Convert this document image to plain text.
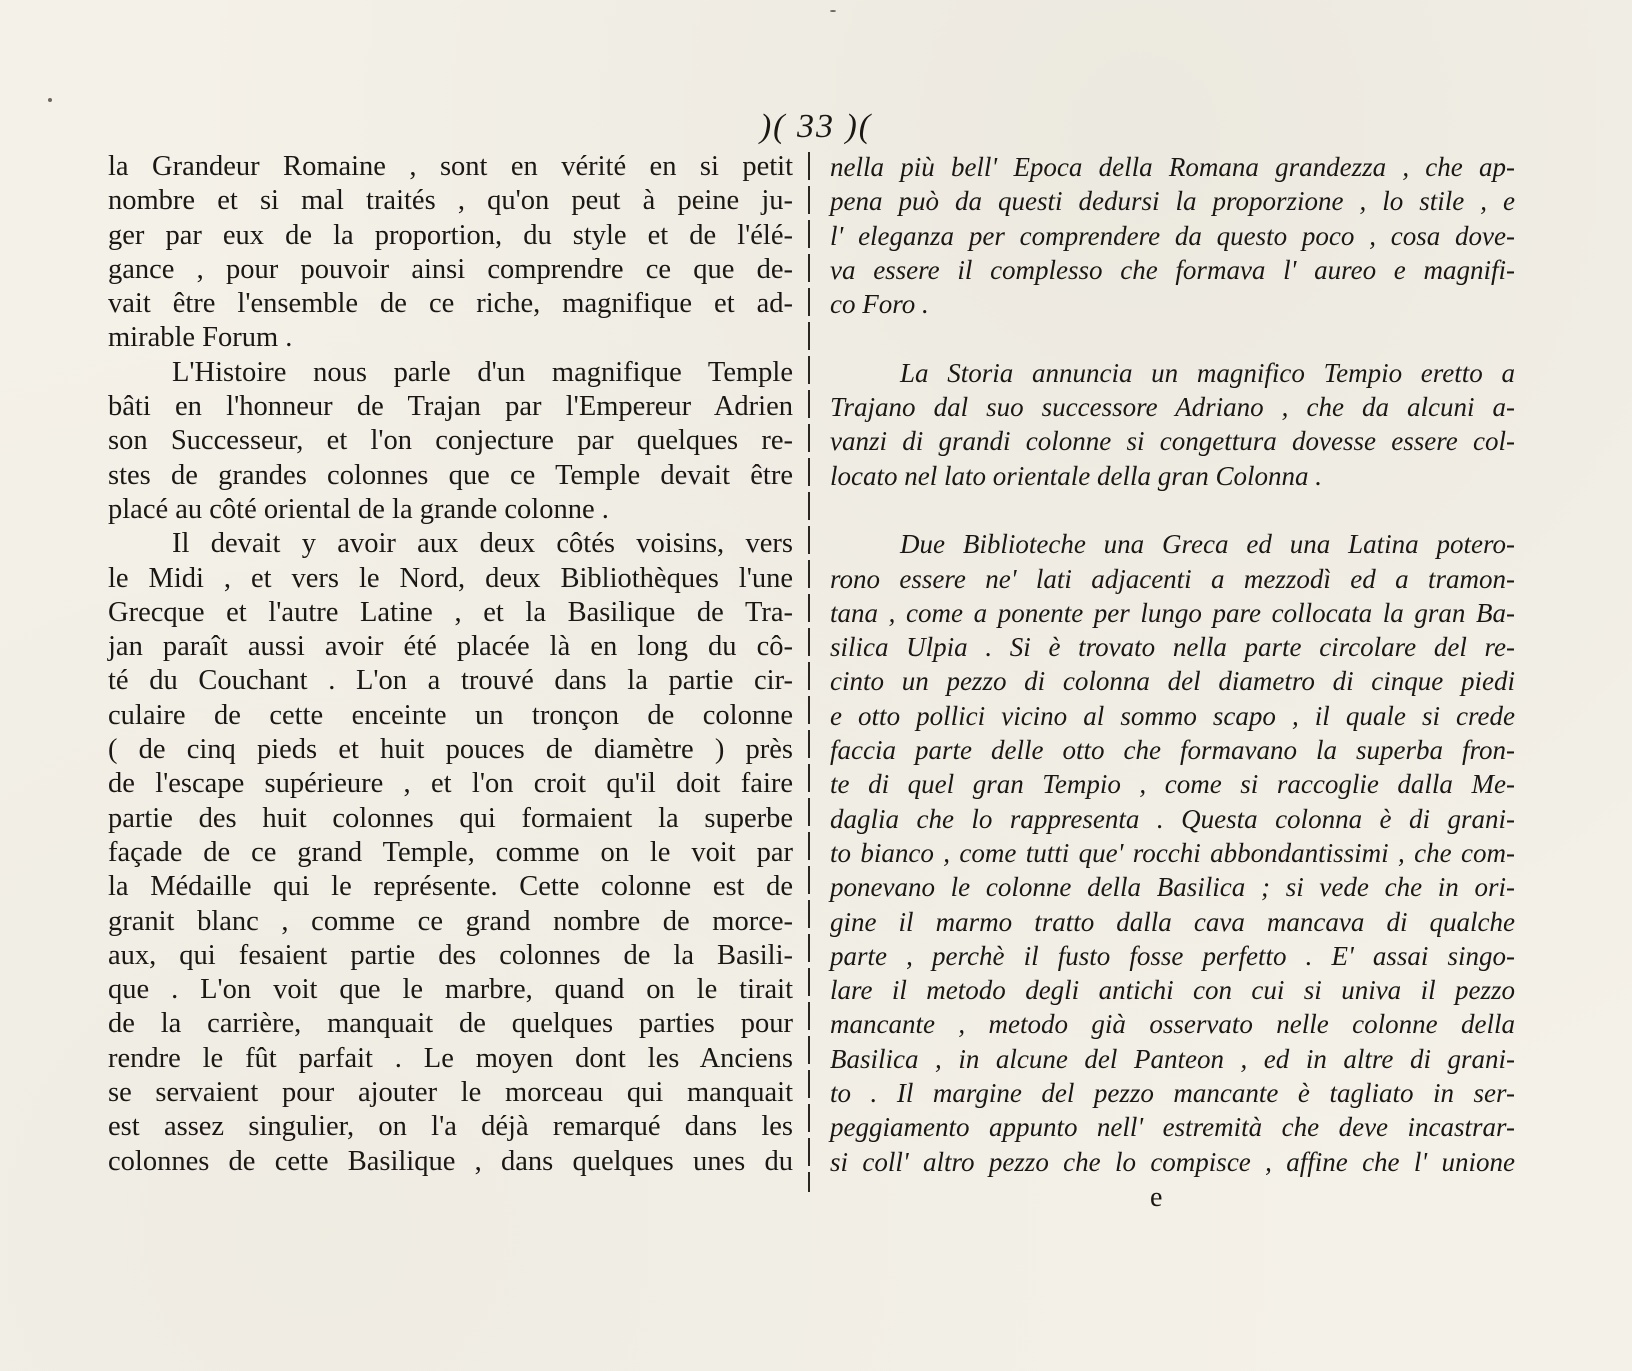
)( 33 )(
la Grandeur Romaine , sont en vérité en si petit
nombre et si mal traités , qu'on peut à peine ju-
ger par eux de la proportion, du style et de l'élé-
gance , pour pouvoir ainsi comprendre ce que de-
vait être l'ensemble de ce riche, magnifique et ad-
mirable Forum .
L'Histoire nous parle d'un magnifique Temple
bâti en l'honneur de Trajan par l'Empereur Adrien
son Successeur, et l'on conjecture par quelques re-
stes de grandes colonnes que ce Temple devait être
placé au côté oriental de la grande colonne .
Il devait y avoir aux deux côtés voisins, vers
le Midi , et vers le Nord, deux Bibliothèques l'une
Grecque et l'autre Latine , et la Basilique de Tra-
jan paraît aussi avoir été placée là en long du cô-
té du Couchant . L'on a trouvé dans la partie cir-
culaire de cette enceinte un tronçon de colonne
( de cinq pieds et huit pouces de diamètre ) près
de l'escape supérieure , et l'on croit qu'il doit faire
partie des huit colonnes qui formaient la superbe
façade de ce grand Temple, comme on le voit par
la Médaille qui le représente. Cette colonne est de
granit blanc , comme ce grand nombre de morce-
aux, qui fesaient partie des colonnes de la Basili-
que . L'on voit que le marbre, quand on le tirait
de la carrière, manquait de quelques parties pour
rendre le fût parfait . Le moyen dont les Anciens
se servaient pour ajouter le morceau qui manquait
est assez singulier, on l'a déjà remarqué dans les
colonnes de cette Basilique , dans quelques unes du
nella più bell' Epoca della Romana grandezza , che ap-
pena può da questi dedursi la proporzione , lo stile , e
l' eleganza per comprendere da questo poco , cosa dove-
va essere il complesso che formava l' aureo e magnifi-
co Foro .
La Storia annuncia un magnifico Tempio eretto a
Trajano dal suo successore Adriano , che da alcuni a-
vanzi di grandi colonne si congettura dovesse essere col-
locato nel lato orientale della gran Colonna .
Due Biblioteche una Greca ed una Latina potero-
rono essere ne' lati adjacenti a mezzodì ed a tramon-
tana , come a ponente per lungo pare collocata la gran Ba-
silica Ulpia . Si è trovato nella parte circolare del re-
cinto un pezzo di colonna del diametro di cinque piedi
e otto pollici vicino al sommo scapo , il quale si crede
faccia parte delle otto che formavano la superba fron-
te di quel gran Tempio , come si raccoglie dalla Me-
daglia che lo rappresenta . Questa colonna è di grani-
to bianco , come tutti que' rocchi abbondantissimi , che com-
ponevano le colonne della Basilica ; si vede che in ori-
gine il marmo tratto dalla cava mancava di qualche
parte , perchè il fusto fosse perfetto . E' assai singo-
lare il metodo degli antichi con cui si univa il pezzo
mancante , metodo già osservato nelle colonne della
Basilica , in alcune del Panteon , ed in altre di grani-
to . Il margine del pezzo mancante è tagliato in ser-
peggiamento appunto nell' estremità che deve incastrar-
si coll' altro pezzo che lo compisce , affine che l' unione
e
